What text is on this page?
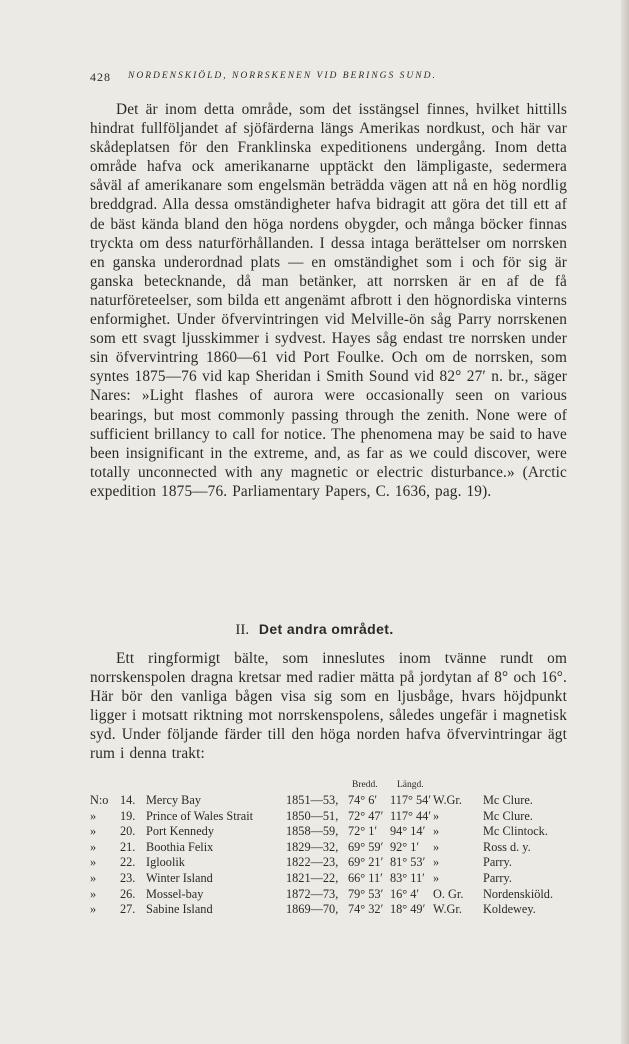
428 NORDENSKIÖLD, NORRSKENEN VID BERINGS SUND.

Det är inom detta område, som det isstängsel finnes, hvilket hittills hindrat fullföljandet af sjöfärderna längs Amerikas nordkust, och här var skådeplatsen för den Franklinska expeditionens undergång. Inom detta område hafva ock amerikanarne upptäckt den lämpligaste, sedermera såväl af amerikanare som engelsmän beträdda vägen att nå en hög nordlig breddgrad. Alla dessa omständigheter hafva bidragit att göra det till ett af de bäst kända bland den höga nordens obygder, och många böcker finnas tryckta om dess naturförhållanden. I dessa intaga berättelser om norrsken en ganska underordnad plats — en omständighet som i och för sig är ganska betecknande, då man betänker, att norrsken är en af de få naturföreteelser, som bilda ett angenämt afbrott i den högnordiska vinterns enformighet. Under öfvervintringen vid Melville-ön såg Parry norrskenen som ett svagt ljusskimmer i sydvest. Hayes såg endast tre norrsken under sin öfvervintring 1860—61 vid Port Foulke. Och om de norrsken, som syntes 1875—76 vid kap Sheridan i Smith Sound vid 82° 27′ n. br., säger Nares: »Light flashes of aurora were occasionally seen on various bearings, but most commonly passing through the zenith. None were of sufficient brillancy to call for notice. The phenomena may be said to have been insignificant in the extreme, and, as far as we could discover, were totally unconnected with any magnetic or electric disturbance.» (Arctic expedition 1875—76. Parliamentary Papers, C. 1636, pag. 19).

II. Det andra området.

Ett ringformigt bälte, som inneslutes inom tvänne rundt om norrskenspolen dragna kretsar med radier mätta på jordytan af 8° och 16°. Här bör den vanliga bågen visa sig som en ljusbåge, hvars höjdpunkt ligger i motsatt riktning mot norrskenspolens, således ungefär i magnetisk syd. Under följande färder till den höga norden hafva öfvervintringar ägt rum i denna trakt:

Bredd. Längd.
N:o 14. Mercy Bay	1851—53, 74° 6′ 117° 54′ W.Gr. Mc Clure.
» 19. Prince of Wales Strait	1850—51, 72° 47′ 117° 44′ »	Mc Clure.
» 20. Port Kennedy	1858—59, 72° 1′ 94° 14′ »	Mc Clintock.
» 21. Boothia Felix	1829—32, 69° 59′ 92° 1′ »	Ross d. y.
» 22. Igloolik	1822—23, 69° 21′ 81° 53′ »	Parry.
» 23. Winter Island	1821—22, 66° 11′ 83° 11′ »	Parry.
» 26. Mossel-bay	1872—73, 79° 53′ 16° 4′ O. Gr. Nordenskiöld.
» 27. Sabine Island	1869—70, 74° 32′ 18° 49′ W.Gr. Koldewey.
